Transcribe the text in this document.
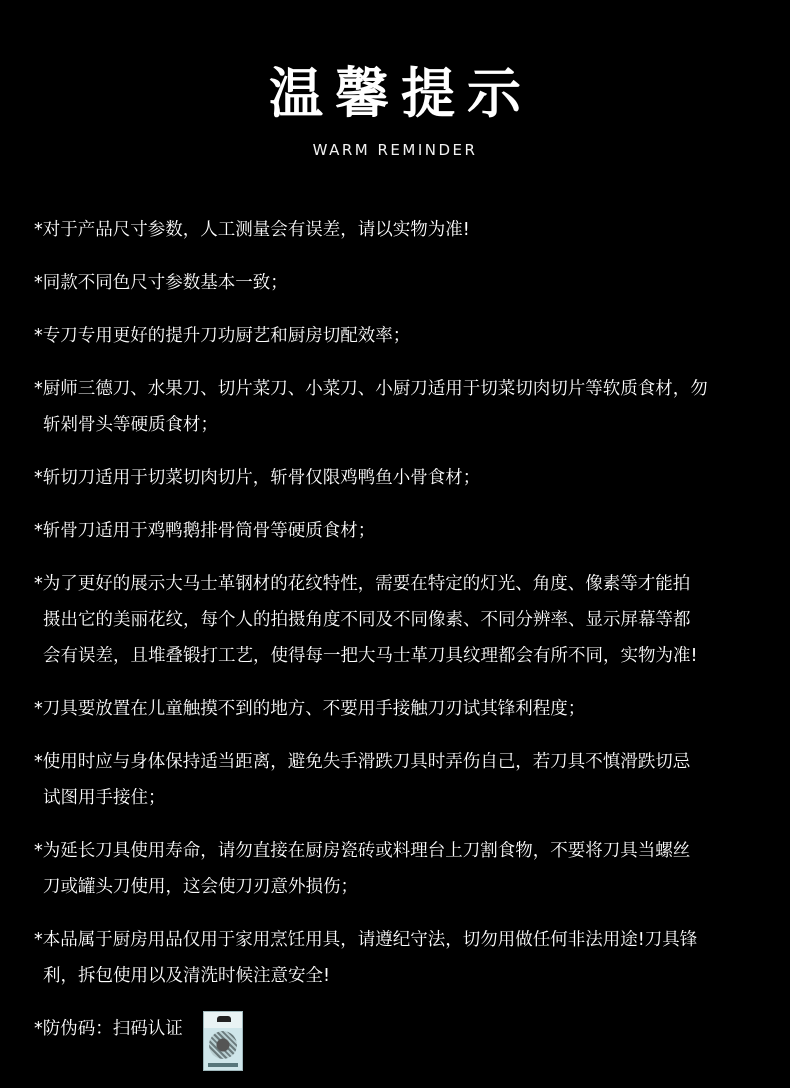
温馨提示
WARM REMINDER
*对于产品尺寸参数，人工测量会有误差，请以实物为准!
*同款不同色尺寸参数基本一致；
*专刀专用更好的提升刀功厨艺和厨房切配效率；
*厨师三德刀、水果刀、切片菜刀、小菜刀、小厨刀适用于切菜切肉切片等软质食材，勿
斩剁骨头等硬质食材；
*斩切刀适用于切菜切肉切片，斩骨仅限鸡鸭鱼小骨食材；
*斩骨刀适用于鸡鸭鹅排骨筒骨等硬质食材；
*为了更好的展示大马士革钢材的花纹特性，需要在特定的灯光、角度、像素等才能拍
摄出它的美丽花纹，每个人的拍摄角度不同及不同像素、不同分辨率、显示屏幕等都
会有误差，且堆叠锻打工艺，使得每一把大马士革刀具纹理都会有所不同，实物为准!
*刀具要放置在儿童触摸不到的地方、不要用手接触刀刃试其锋利程度；
*使用时应与身体保持适当距离，避免失手滑跌刀具时弄伤自己，若刀具不慎滑跌切忌
试图用手接住；
*为延长刀具使用寿命，请勿直接在厨房瓷砖或料理台上刀割食物，不要将刀具当螺丝
刀或罐头刀使用，这会使刀刃意外损伤；
*本品属于厨房用品仅用于家用烹饪用具，请遵纪守法，切勿用做任何非法用途!刀具锋
利，拆包使用以及清洗时候注意安全!
*防伪码：扫码认证
